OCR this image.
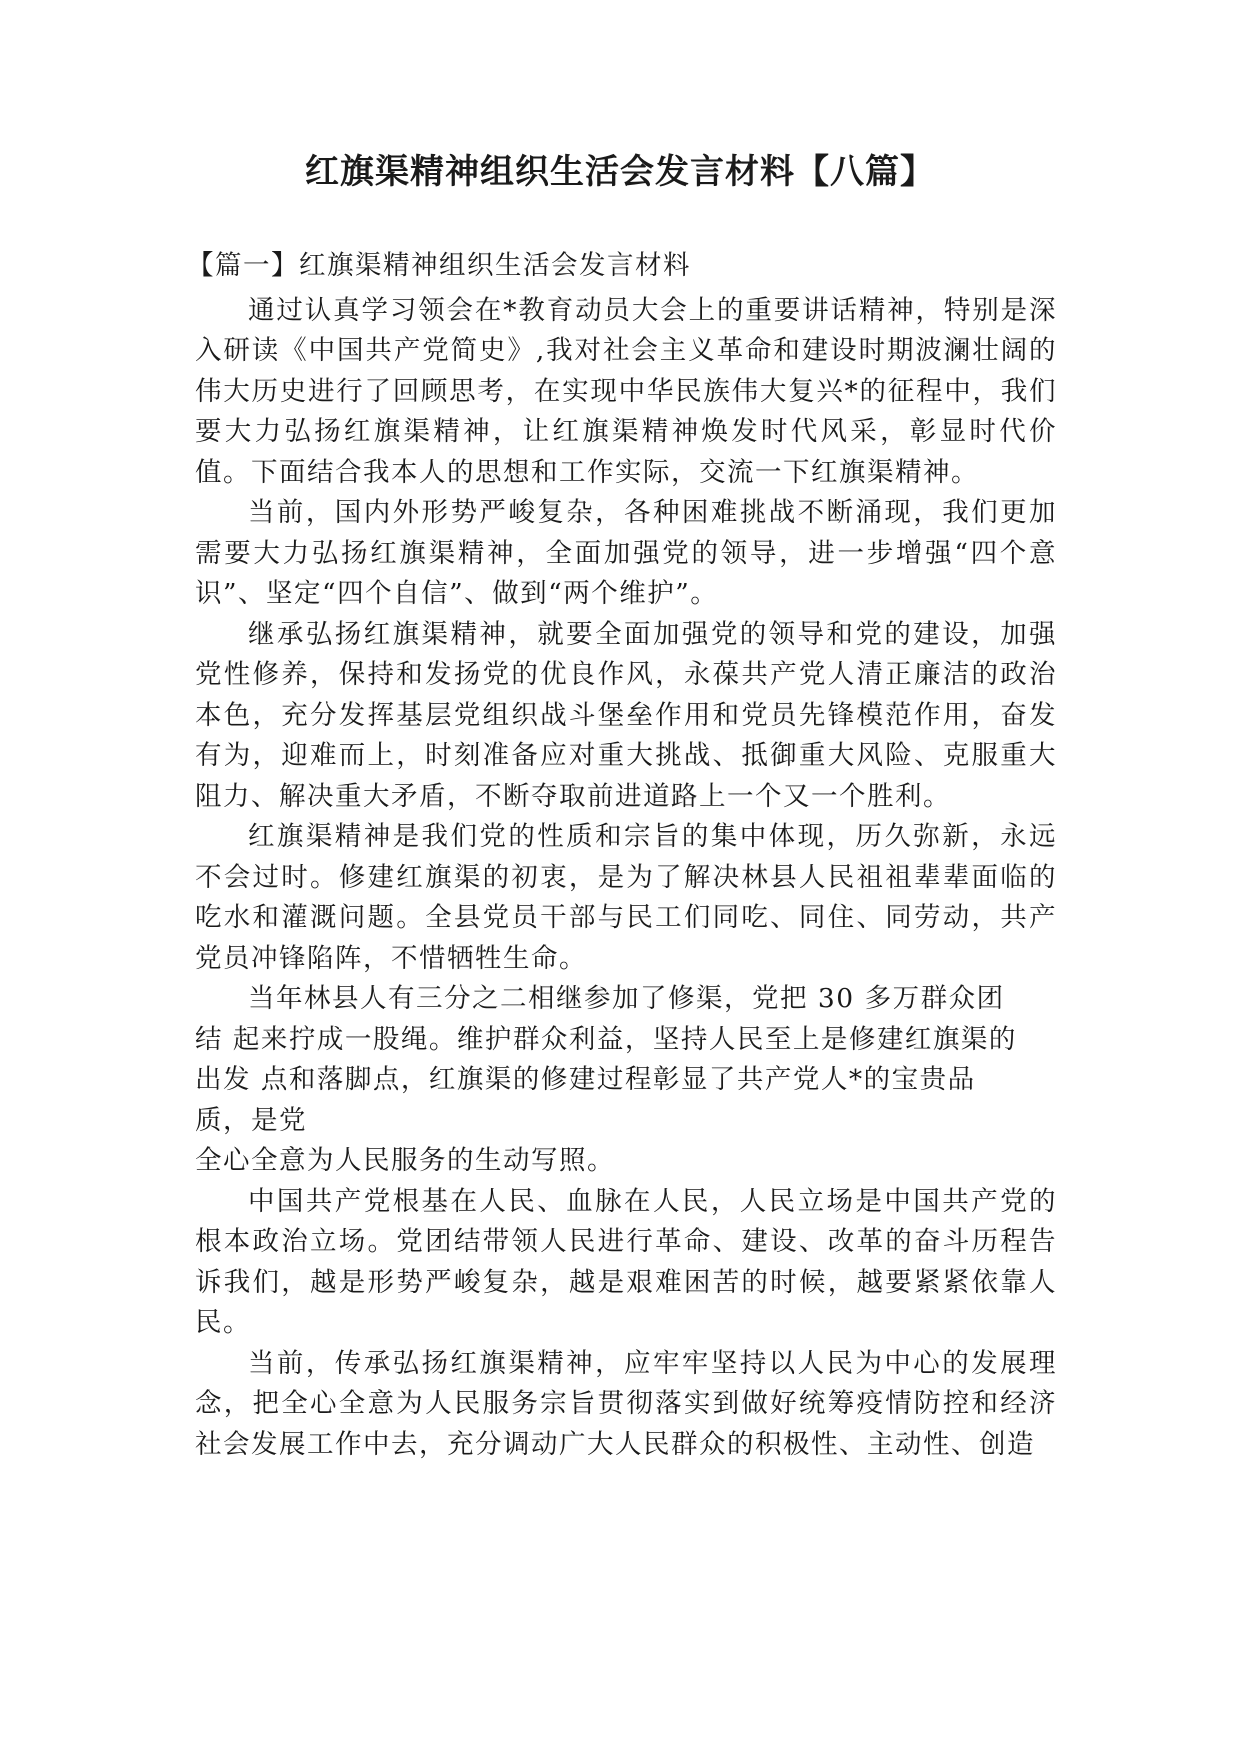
红旗渠精神组织生活会发言材料【八篇】

【篇一】红旗渠精神组织生活会发言材料

通过认真学习领会在*教育动员大会上的重要讲话精神，特别是深入研读《中国共产党简史》,我对社会主义革命和建设时期波澜壮阔的伟大历史进行了回顾思考，在实现中华民族伟大复兴*的征程中，我们要大力弘扬红旗渠精神，让红旗渠精神焕发时代风采，彰显时代价值。下面结合我本人的思想和工作实际，交流一下红旗渠精神。

当前，国内外形势严峻复杂，各种困难挑战不断涌现，我们更加需要大力弘扬红旗渠精神，全面加强党的领导，进一步增强“四个意识”、坚定“四个自信”、做到“两个维护”。

继承弘扬红旗渠精神，就要全面加强党的领导和党的建设，加强党性修养，保持和发扬党的优良作风，永葆共产党人清正廉洁的政治本色，充分发挥基层党组织战斗堡垒作用和党员先锋模范作用，奋发有为，迎难而上，时刻准备应对重大挑战、抵御重大风险、克服重大阻力、解决重大矛盾，不断夺取前进道路上一个又一个胜利。

红旗渠精神是我们党的性质和宗旨的集中体现，历久弥新，永远不会过时。修建红旗渠的初衷，是为了解决林县人民祖祖辈辈面临的吃水和灌溉问题。全县党员干部与民工们同吃、同住、同劳动，共产党员冲锋陷阵，不惜牺牲生命。

当年林县人有三分之二相继参加了修渠，党把 30 多万群众团
结 起来拧成一股绳。维护群众利益，坚持人民至上是修建红旗渠的
出发 点和落脚点，红旗渠的修建过程彰显了共产党人*的宝贵品
质，是党
全心全意为人民服务的生动写照。

中国共产党根基在人民、血脉在人民，人民立场是中国共产党的根本政治立场。党团结带领人民进行革命、建设、改革的奋斗历程告诉我们，越是形势严峻复杂，越是艰难困苦的时候，越要紧紧依靠人民。

当前，传承弘扬红旗渠精神，应牢牢坚持以人民为中心的发展理念，把全心全意为人民服务宗旨贯彻落实到做好统筹疫情防控和经济社会发展工作中去，充分调动广大人民群众的积极性、主动性、创造
